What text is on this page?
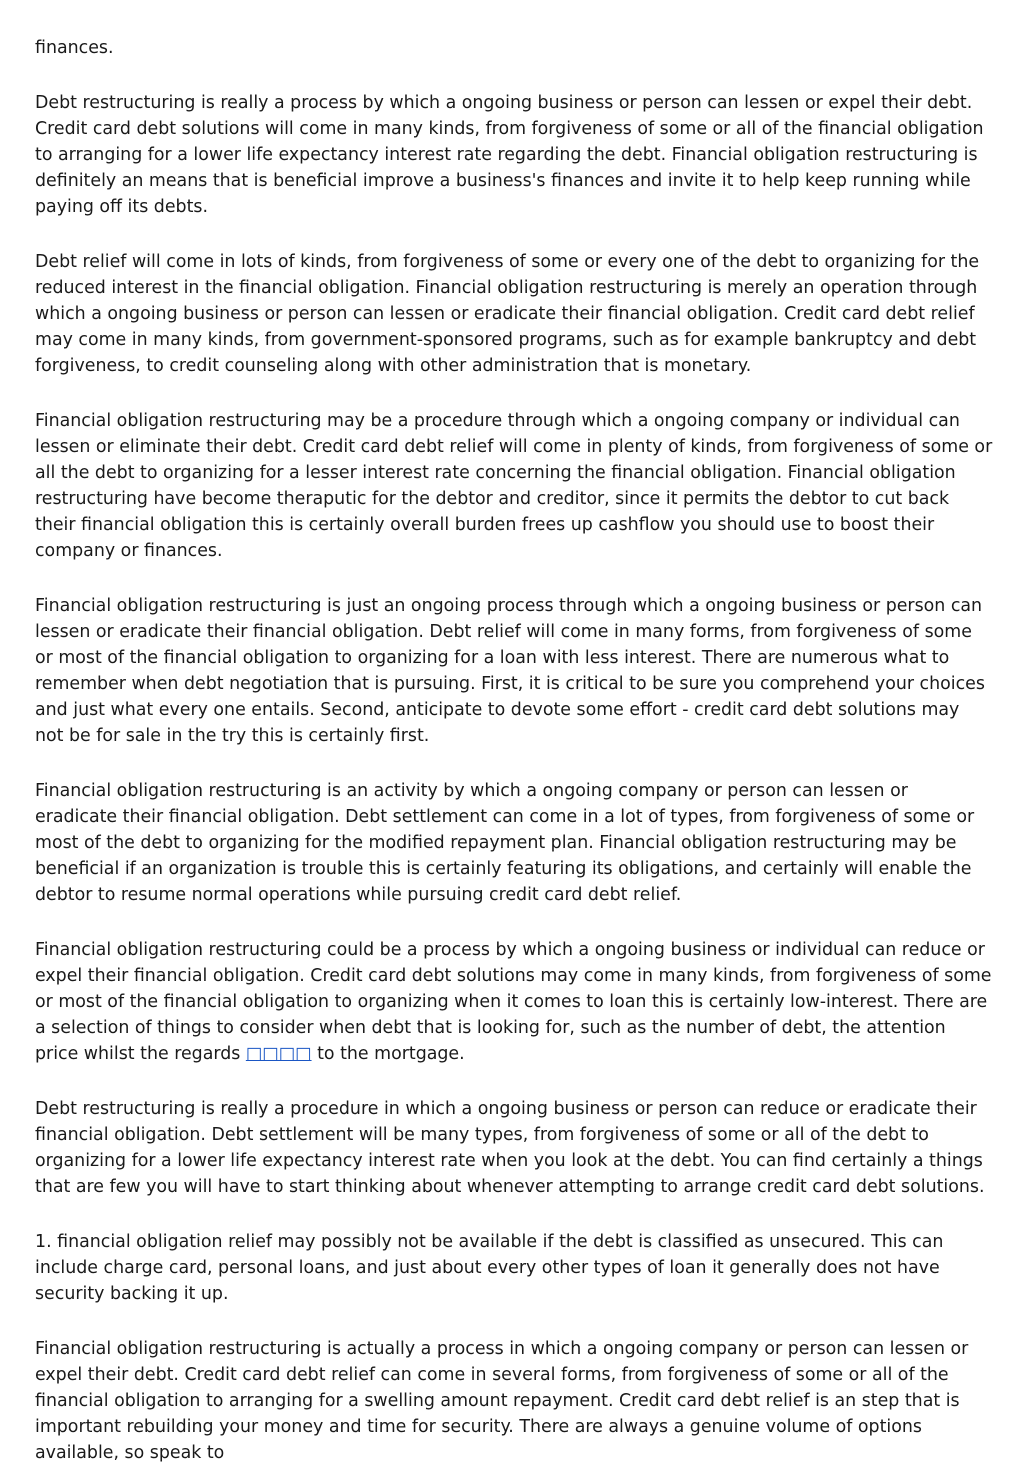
finances.

Debt restructuring is really a process by which a ongoing business or person can lessen or expel their debt. Credit card debt solutions will come in many kinds, from forgiveness of some or all of the financial obligation to arranging for a lower life expectancy interest rate regarding the debt. Financial obligation restructuring is definitely an means that is beneficial improve a business's finances and invite it to help keep running while paying off its debts.

Debt relief will come in lots of kinds, from forgiveness of some or every one of the debt to organizing for the reduced interest in the financial obligation. Financial obligation restructuring is merely an operation through which a ongoing business or person can lessen or eradicate their financial obligation. Credit card debt relief may come in many kinds, from government-sponsored programs, such as for example bankruptcy and debt forgiveness, to credit counseling along with other administration that is monetary.

Financial obligation restructuring may be a procedure through which a ongoing company or individual can lessen or eliminate their debt. Credit card debt relief will come in plenty of kinds, from forgiveness of some or all the debt to organizing for a lesser interest rate concerning the financial obligation. Financial obligation restructuring have become theraputic for the debtor and creditor, since it permits the debtor to cut back their financial obligation this is certainly overall burden frees up cashflow you should use to boost their company or finances.

Financial obligation restructuring is just an ongoing process through which a ongoing business or person can lessen or eradicate their financial obligation. Debt relief will come in many forms, from forgiveness of some or most of the financial obligation to organizing for a loan with less interest. There are numerous what to remember when debt negotiation that is pursuing. First, it is critical to be sure you comprehend your choices and just what every one entails. Second, anticipate to devote some effort - credit card debt solutions may not be for sale in the try this is certainly first.

Financial obligation restructuring is an activity by which a ongoing company or person can lessen or eradicate their financial obligation. Debt settlement can come in a lot of types, from forgiveness of some or most of the debt to organizing for the modified repayment plan. Financial obligation restructuring may be beneficial if an organization is trouble this is certainly featuring its obligations, and certainly will enable the debtor to resume normal operations while pursuing credit card debt relief.

Financial obligation restructuring could be a process by which a ongoing business or individual can reduce or expel their financial obligation. Credit card debt solutions may come in many kinds, from forgiveness of some or most of the financial obligation to organizing when it comes to loan this is certainly low-interest. There are a selection of things to consider when debt that is looking for, such as the number of debt, the attention price whilst the regards □□□□ to the mortgage.

Debt restructuring is really a procedure in which a ongoing business or person can reduce or eradicate their financial obligation. Debt settlement will be many types, from forgiveness of some or all of the debt to organizing for a lower life expectancy interest rate when you look at the debt. You can find certainly a things that are few you will have to start thinking about whenever attempting to arrange credit card debt solutions.

1. financial obligation relief may possibly not be available if the debt is classified as unsecured. This can include charge card, personal loans, and just about every other types of loan it generally does not have security backing it up.

Financial obligation restructuring is actually a process in which a ongoing company or person can lessen or expel their debt. Credit card debt relief can come in several forms, from forgiveness of some or all of the financial obligation to arranging for a swelling amount repayment. Credit card debt relief is an step that is important rebuilding your money and time for security. There are always a genuine volume of options available, so speak to
